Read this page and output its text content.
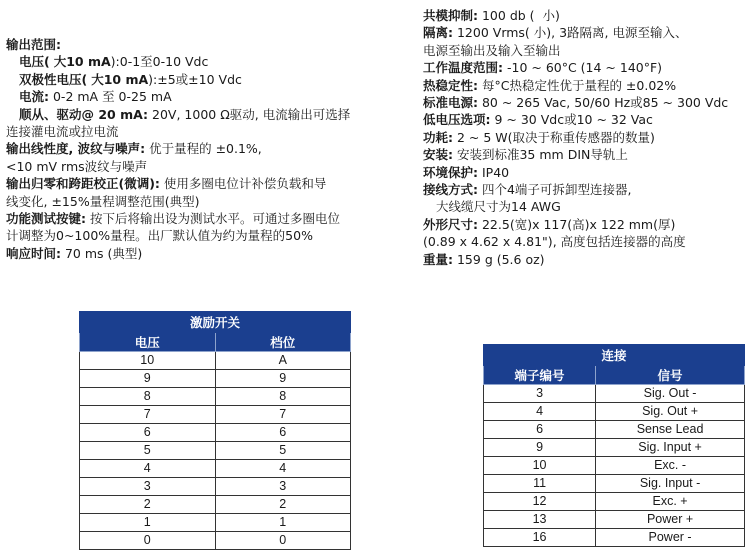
输出范围:

电压( 大10 mA):0-1至0-10 Vdc

双极性电压( 大10 mA):±5或±10 Vdc

电流: 0-2 mA 至 0-25 mA

顺从、驱动@ 20 mA: 20V, 1000 Ω驱动, 电流输出可选择

连接灌电流或拉电流

输出线性度, 波纹与噪声: 优于量程的 ±0.1%,

<10 mV rms波纹与噪声

输出归零和跨距校正(微调): 使用多圈电位计补偿负载和导

线变化, ±15%量程调整范围(典型)

功能测试按键: 按下后将输出设为测试水平。可通过多圈电位

计调整为0~100%量程。出厂默认值为约为量程的50%

响应时间: 70 ms (典型)

共模抑制: 100 db (  小)

隔离: 1200 Vrms( 小), 3路隔离, 电源至输入、

电源至输出及输入至输出

工作温度范围: -10 ~ 60°C (14 ~ 140°F)

热稳定性: 每°C热稳定性优于量程的 ±0.02%

标准电源: 80 ~ 265 Vac, 50/60 Hz或85 ~ 300 Vdc

低电压选项: 9 ~ 30 Vdc或10 ~ 32 Vac

功耗: 2 ~ 5 W(取决于称重传感器的数量)

安装: 安装到标准35 mm DIN导轨上

环境保护: IP40

接线方式: 四个4端子可拆卸型连接器,

大线缆尺寸为14 AWG

外形尺寸: 22.5(宽)x 117(高)x 122 mm(厚)

(0.89 x 4.62 x 4.81"), 高度包括连接器的高度

重量: 159 g (5.6 oz)

激励开关	
电压	档位
10	A
9	9
8	8
7	7
6	6
5	5
4	4
3	3
2	2
1	1
0	0
连接	
端子编号	信号
3	Sig. Out -
4	Sig. Out +
6	Sense Lead
9	Sig. Input +
10	Exc. -
11	Sig. Input -
12	Exc. +
13	Power +
16	Power -
